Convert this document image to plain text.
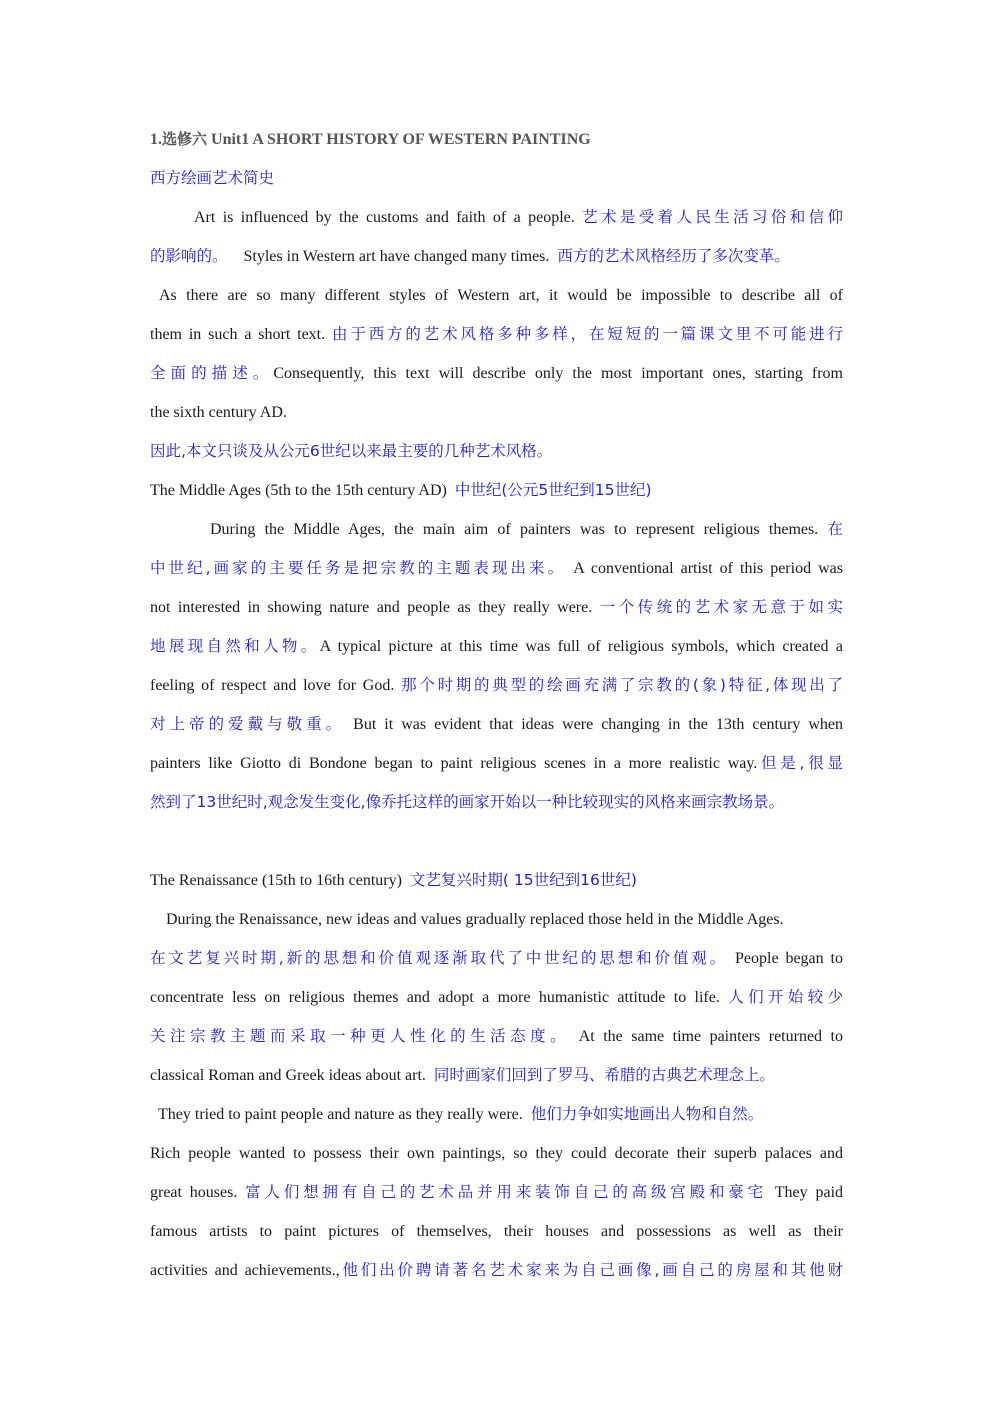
1.选修六 Unit1 A SHORT HISTORY OF WESTERN PAINTING
西方绘画艺术简史
Art is influenced by the customs and faith of a people. 艺术是受着人民生活习俗和信仰
的影响的。 Styles in Western art have changed many times. 西方的艺术风格经历了多次变革。
As there are so many different styles of Western art, it would be impossible to describe all of
them in such a short text. 由于西方的艺术风格多种多样，在短短的一篇课文里不可能进行
全面的描述。Consequently, this text will describe only the most important ones, starting from
the sixth century AD.
因此,本文只谈及从公元6世纪以来最主要的几种艺术风格。
The Middle Ages (5th to the 15th century AD) 中世纪(公元5世纪到15世纪)
During the Middle Ages, the main aim of painters was to represent religious themes. 在
中世纪,画家的主要任务是把宗教的主题表现出来。 A conventional artist of this period was
not interested in showing nature and people as they really were. 一个传统的艺术家无意于如实
地展现自然和人物。A typical picture at this time was full of religious symbols, which created a
feeling of respect and love for God. 那个时期的典型的绘画充满了宗教的(象)特征,体现出了
对上帝的爱戴与敬重。 But it was evident that ideas were changing in the 13th century when
painters like Giotto di Bondone began to paint religious scenes in a more realistic way.但是,很显
然到了13世纪时,观念发生变化,像乔托这样的画家开始以一种比较现实的风格来画宗教场景。
The Renaissance (15th to 16th century) 文艺复兴时期( 15世纪到16世纪)
During the Renaissance, new ideas and values gradually replaced those held in the Middle Ages.
在文艺复兴时期,新的思想和价值观逐渐取代了中世纪的思想和价值观。 People began to
concentrate less on religious themes and adopt a more humanistic attitude to life. 人们开始较少
关注宗教主题而采取一种更人性化的生活态度。 At the same time painters returned to
classical Roman and Greek ideas about art. 同时画家们回到了罗马、希腊的古典艺术理念上。
They tried to paint people and nature as they really were. 他们力争如实地画出人物和自然。
Rich people wanted to possess their own paintings, so they could decorate their superb palaces and
great houses. 富人们想拥有自己的艺术品并用来装饰自己的高级宫殿和豪宅 They paid
famous artists to paint pictures of themselves, their houses and possessions as well as their
activities and achievements.,他们出价聘请著名艺术家来为自己画像,画自己的房屋和其他财
